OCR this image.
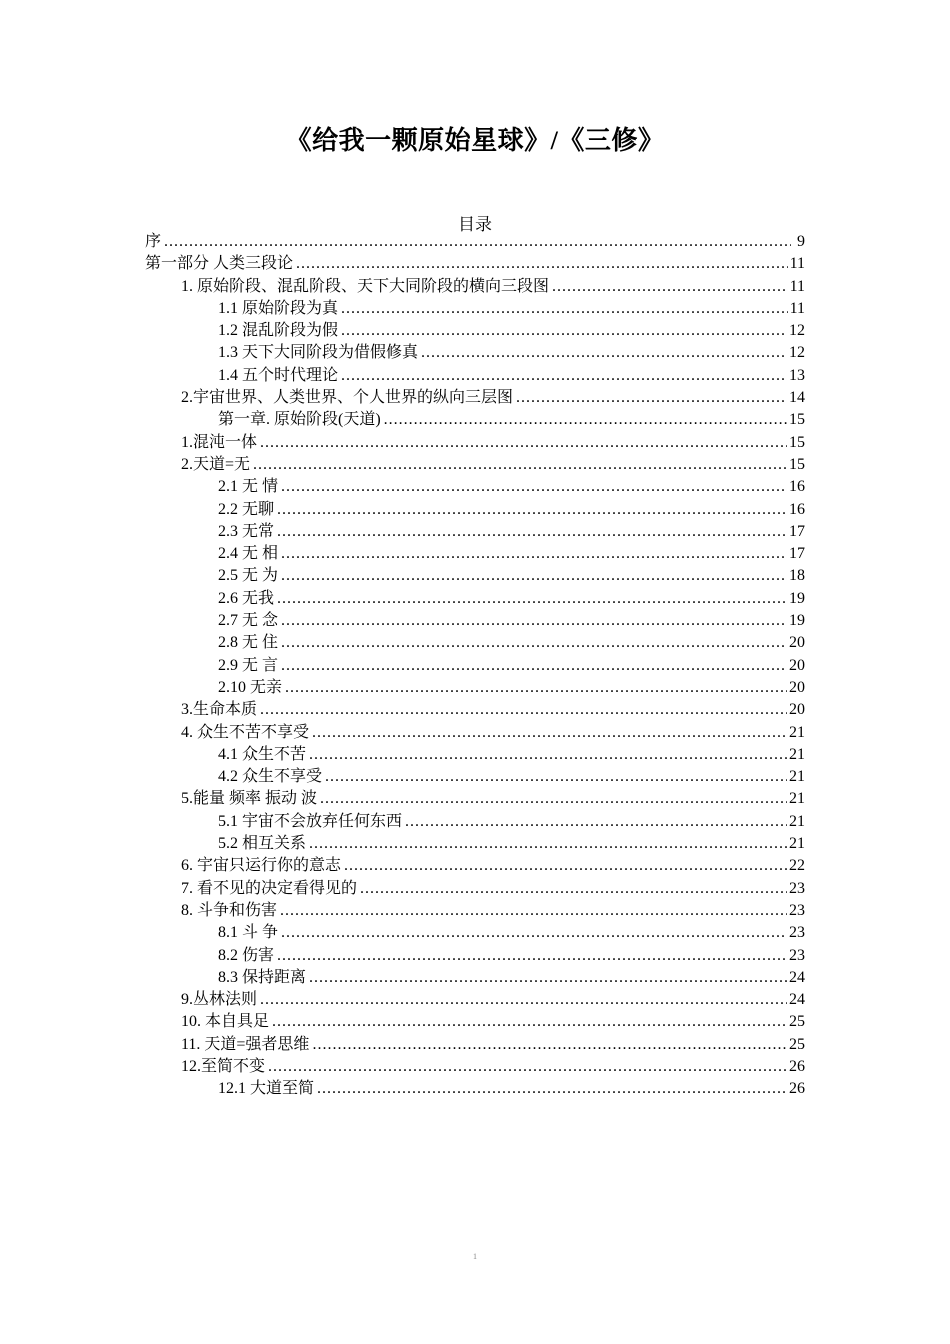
《给我一颗原始星球》/《三修》
目录
序 .....	9
第一部分 人类三段论 .....	11
1. 原始阶段、混乱阶段、天下大同阶段的横向三段图 .....	11
1.1 原始阶段为真 .....	11
1.2 混乱阶段为假 .....	12
1.3 天下大同阶段为借假修真 .....	12
1.4 五个时代理论 .....	13
2.宇宙世界、人类世界、个人世界的纵向三层图 .....	14
第一章. 原始阶段(天道) .....	15
1.混沌一体 .....	15
2.天道=无 .....	15
2.1 无 情 .....	16
2.2 无聊 .....	16
2.3 无常 .....	17
2.4 无 相 .....	17
2.5 无 为 .....	18
2.6 无我 .....	19
2.7 无 念 .....	19
2.8 无 住 .....	20
2.9 无 言 .....	20
2.10 无亲 .....	20
3.生命本质 .....	20
4. 众生不苦不享受 .....	21
4.1 众生不苦 .....	21
4.2 众生不享受 .....	21
5.能量 频率 振动 波 .....	21
5.1 宇宙不会放弃任何东西 .....	21
5.2 相互关系 .....	21
6. 宇宙只运行你的意志 .....	22
7. 看不见的决定看得见的 .....	23
8. 斗争和伤害 .....	23
8.1 斗 争 .....	23
8.2 伤害 .....	23
8.3 保持距离 .....	24
9.丛林法则 .....	24
10. 本自具足 .....	25
11. 天道=强者思维 .....	25
12.至简不变 .....	26
12.1 大道至简 .....	26
1
